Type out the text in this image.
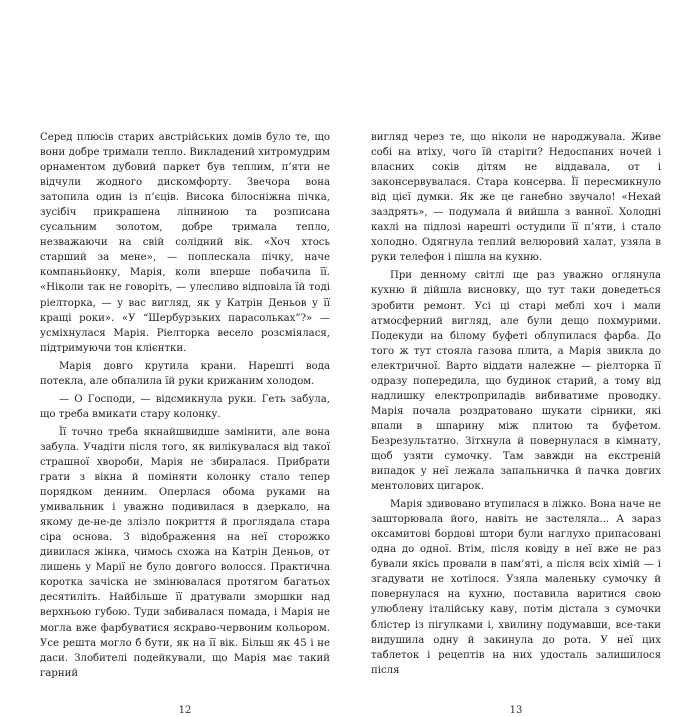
Серед плюсів старих австрійських домів було те, що вони добре тримали тепло. Викладений хитромудрим орнаментом дубовий паркет був теплим, п’яти не відчули жодного дискомфорту. Звечора вона затопила один із п’єців. Висока білосніжна пічка, зусібіч прикрашена ліпниною та розписана сусальним золотом, добре тримала тепло, незважаючи на свій солідний вік. «Хоч хтось старший за мене», — поплескала пічку, наче компаньйонку, Марія, коли вперше побачила її. «Ніколи так не говоріть, — улесливо відповіла їй тоді ріелторка, — у вас вигляд, як у Катрін Деньов у її кращі роки». «У “Шербурзьких парасольках”?» — усміхнулася Марія. Ріелторка весело розсміялася, підтримуючи тон клієнтки.

Марія довго крутила крани. Нарешті вода потекла, але обпалила їй руки крижаним холодом.

— О Господи, — відсмикнула руки. Геть забула, що треба вмикати стару колонку.

Її точно треба якнайшвидше замінити, але вона забула. Учадіти після того, як вилікувалася від такої страшної хвороби, Марія не збиралася. Прибрати грати з вікна й поміняти колонку стало тепер порядком денним. Оперлася обома руками на умивальник і уважно подивилася в дзеркало, на якому де-не-де злізло покриття й проглядала стара сіра основа. З відображення на неї сторожко дивилася жінка, чимось схожа на Катрін Деньов, от лишень у Марії не було довгого волосся. Практична коротка зачіска не змінювалася протягом багатьох десятиліть. Найбільше її дратували зморшки над верхньою губою. Туди забивалася помада, і Марія не могла вже фарбуватися яскраво-червоним кольором. Усе решта могло б бути, як на її вік. Більш як 45 і не даси. Злобителі подейкували, що Марія має такий гарний

12

вигляд через те, що ніколи не народжувала. Живе собі на втіху, чого їй старіти? Недоспаних ночей і власних соків дітям не віддавала, от і законсервувалася. Стара консерва. Її пересмикнуло від цієї думки. Як же це ганебно звучало! «Нехай заздрять», — подумала й вийшла з ванної. Холодні кахлі на підлозі нарешті остудили її п’яти, і стало холодно. Одягнула теплий велюровий халат, узяла в руки телефон і пішла на кухню.

При денному світлі ще раз уважно оглянула кухню й дійшла висновку, що тут таки доведеться зробити ремонт. Усі ці старі меблі хоч і мали атмосферний вигляд, але були дещо похмурими. Подекуди на білому буфеті облупилася фарба. До того ж тут стояла газова плита, а Марія звикла до електричної. Варто віддати належне — ріелторка її одразу попередила, що будинок старий, а тому від надлишку електроприладів вибиватиме проводку. Марія почала роздратовано шукати сірники, які впали в шпарину між плитою та буфетом. Безрезультатно. Зітхнула й повернулася в кімнату, щоб узяти сумочку. Там завжди на екстреній випадок у неї лежала запальничка й пачка довгих ментолових цигарок.

Марія здивовано втупилася в ліжко. Вона наче не зашторювала його, навіть не застеляла... А зараз оксамитові бордові штори були наглухо припасовані одна до одної. Втім, після ковіду в неї вже не раз бували якісь провали в пам’яті, а після всіх хімій — і згадувати не хотілося. Узяла маленьку сумочку й повернулася на кухню, поставила варитися свою улюблену італійську каву, потім дістала з сумочки блістер із пігулками і, хвилину подумавши, все-таки видушила одну й закинула до рота. У неї цих таблеток і рецептів на них удосталь залишилося після

13
